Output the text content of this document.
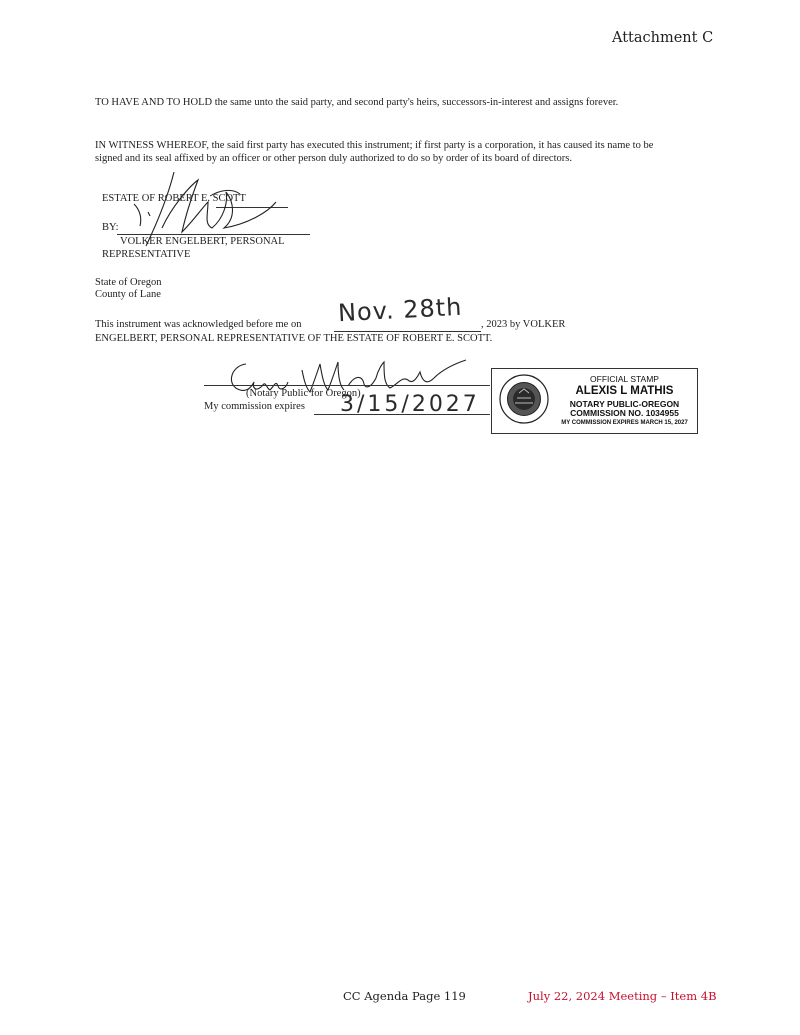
Attachment C

TO HAVE AND TO HOLD the same unto the said party, and second party's heirs, successors-in-interest and assigns forever.

IN WITNESS WHEREOF, the said first party has executed this instrument; if first party is a corporation, it has caused its name to be signed and its seal affixed by an officer or other person duly authorized to do so by order of its board of directors.

ESTATE OF ROBERT E. SCOTT
BY:
VOLKER ENGELBERT, PERSONAL
REPRESENTATIVE
State of Oregon
County of Lane
This instrument was acknowledged before me on	, 2023 by VOLKER
ENGELBERT, PERSONAL REPRESENTATIVE OF THE ESTATE OF ROBERT E. SCOTT.
Nov. 28th
(Notary Public for Oregon)
My commission expires 3/15/2027
OFFICIAL STAMP
ALEXIS L MATHIS
NOTARY PUBLIC-OREGON
COMMISSION NO. 1034955
MY COMMISSION EXPIRES MARCH 15, 2027
CC Agenda Page 119	July 22, 2024 Meeting – Item 4B
